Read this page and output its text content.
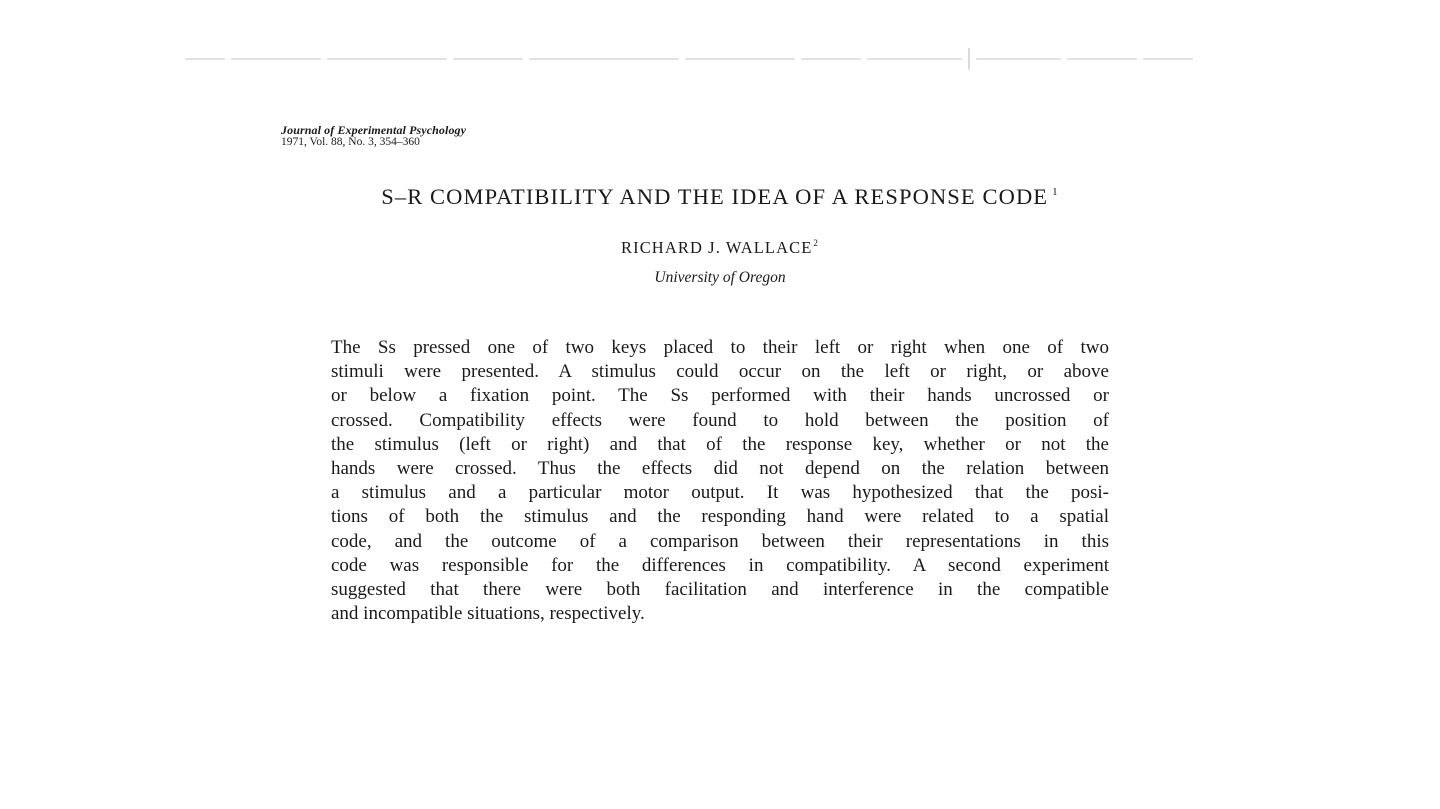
Journal of Experimental Psychology
1971, Vol. 88, No. 3, 354–360
S–R COMPATIBILITY AND THE IDEA OF A RESPONSE CODE $^1$
RICHARD J. WALLACE$^2$
University of Oregon
The Ss pressed one of two keys placed to their left or right when one of two
stimuli were presented. A stimulus could occur on the left or right, or above
or below a fixation point. The Ss performed with their hands uncrossed or
crossed. Compatibility effects were found to hold between the position of
the stimulus (left or right) and that of the response key, whether or not the
hands were crossed. Thus the effects did not depend on the relation between
a stimulus and a particular motor output. It was hypothesized that the posi-
tions of both the stimulus and the responding hand were related to a spatial
code, and the outcome of a comparison between their representations in this
code was responsible for the differences in compatibility. A second experiment
suggested that there were both facilitation and interference in the compatible
and incompatible situations, respectively.
